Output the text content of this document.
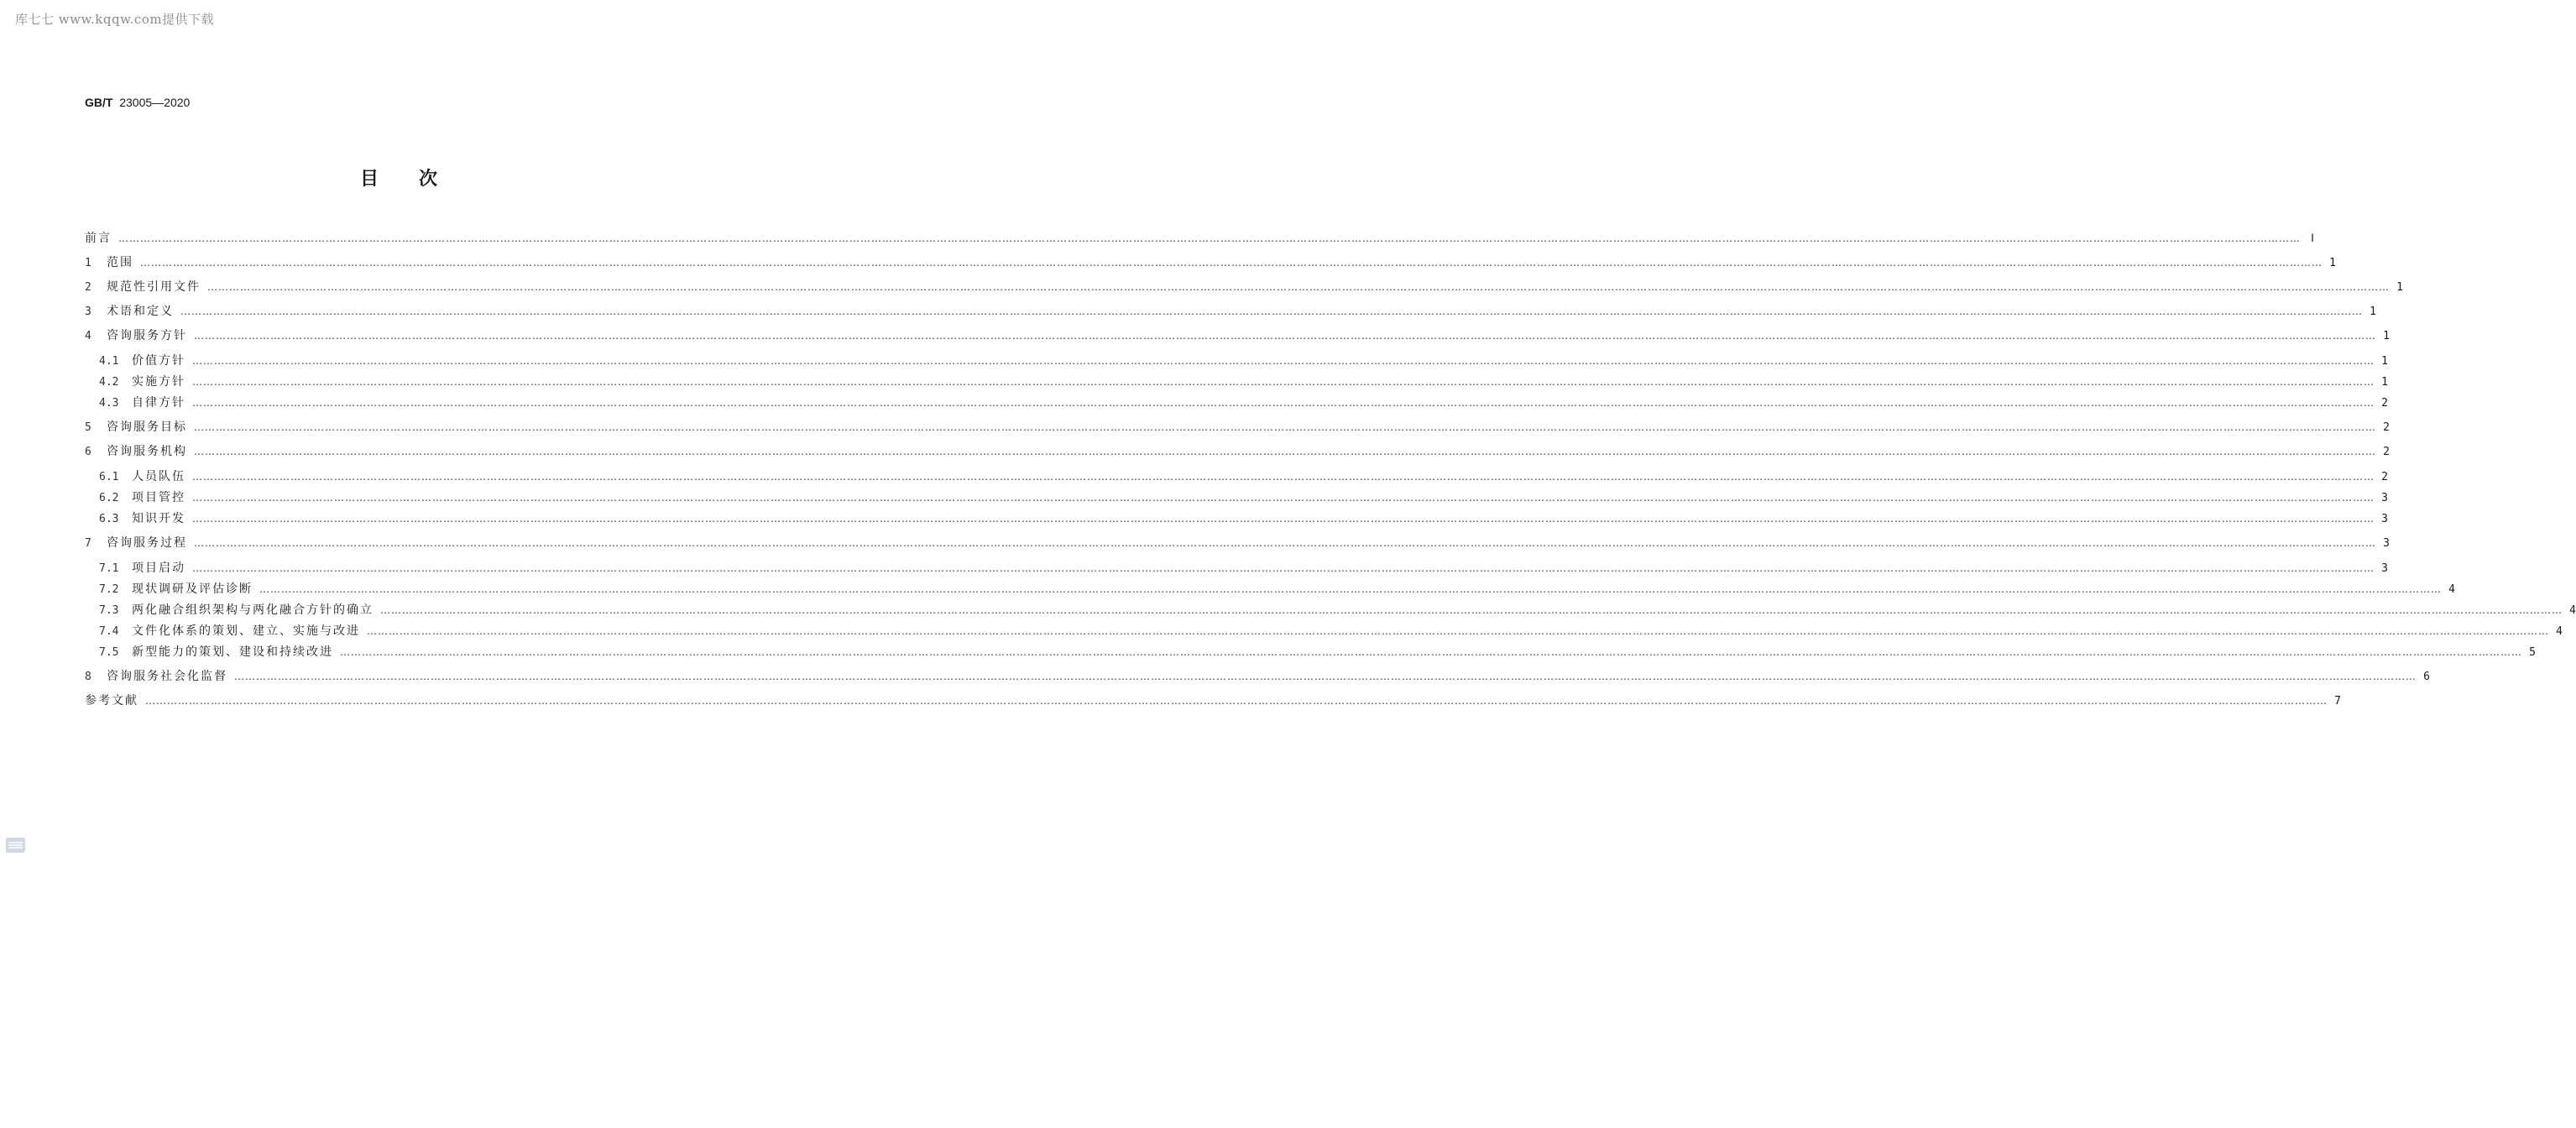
库七七 www.kqqw.com提供下载
GB/T 23005—2020
目次
前言 …………………………………………………………………………………………………………………………………………………………………………………………………………………………………………………………………………………………………………………………………………………………………………………………………………………………………………………………………………………………………………………………………………………… Ⅰ
1	范围 …………………………………………………………………………………………………………………………………………………………………………………………………………………………………………………………………………………………………………………………………………………………………………………………………………………………………………………………………………………………………………………………………………………… 1
2	规范性引用文件 …………………………………………………………………………………………………………………………………………………………………………………………………………………………………………………………………………………………………………………………………………………………………………………………………………………………………………………………………………………………………………………………………………………… 1
3	术语和定义 …………………………………………………………………………………………………………………………………………………………………………………………………………………………………………………………………………………………………………………………………………………………………………………………………………………………………………………………………………………………………………………………………………………… 1
4	咨询服务方针 …………………………………………………………………………………………………………………………………………………………………………………………………………………………………………………………………………………………………………………………………………………………………………………………………………………………………………………………………………………………………………………………………………………… 1
4.1	价值方针 …………………………………………………………………………………………………………………………………………………………………………………………………………………………………………………………………………………………………………………………………………………………………………………………………………………………………………………………………………………………………………………………………………………… 1
4.2	实施方针 …………………………………………………………………………………………………………………………………………………………………………………………………………………………………………………………………………………………………………………………………………………………………………………………………………………………………………………………………………………………………………………………………………………… 1
4.3	自律方针 …………………………………………………………………………………………………………………………………………………………………………………………………………………………………………………………………………………………………………………………………………………………………………………………………………………………………………………………………………………………………………………………………………………… 2
5	咨询服务目标 …………………………………………………………………………………………………………………………………………………………………………………………………………………………………………………………………………………………………………………………………………………………………………………………………………………………………………………………………………………………………………………………………………………… 2
6	咨询服务机构 …………………………………………………………………………………………………………………………………………………………………………………………………………………………………………………………………………………………………………………………………………………………………………………………………………………………………………………………………………………………………………………………………………………… 2
6.1	人员队伍 …………………………………………………………………………………………………………………………………………………………………………………………………………………………………………………………………………………………………………………………………………………………………………………………………………………………………………………………………………………………………………………………………………………… 2
6.2	项目管控 …………………………………………………………………………………………………………………………………………………………………………………………………………………………………………………………………………………………………………………………………………………………………………………………………………………………………………………………………………………………………………………………………………………… 3
6.3	知识开发 …………………………………………………………………………………………………………………………………………………………………………………………………………………………………………………………………………………………………………………………………………………………………………………………………………………………………………………………………………………………………………………………………………………… 3
7	咨询服务过程 …………………………………………………………………………………………………………………………………………………………………………………………………………………………………………………………………………………………………………………………………………………………………………………………………………………………………………………………………………………………………………………………………………………… 3
7.1	项目启动 …………………………………………………………………………………………………………………………………………………………………………………………………………………………………………………………………………………………………………………………………………………………………………………………………………………………………………………………………………………………………………………………………………………… 3
7.2	现状调研及评估诊断 …………………………………………………………………………………………………………………………………………………………………………………………………………………………………………………………………………………………………………………………………………………………………………………………………………………………………………………………………………………………………………………………………………………… 4
7.3	两化融合组织架构与两化融合方针的确立 …………………………………………………………………………………………………………………………………………………………………………………………………………………………………………………………………………………………………………………………………………………………………………………………………………………………………………………………………………………………………………………………………………………… 4
7.4	文件化体系的策划、建立、实施与改进 …………………………………………………………………………………………………………………………………………………………………………………………………………………………………………………………………………………………………………………………………………………………………………………………………………………………………………………………………………………………………………………………………………………… 4
7.5	新型能力的策划、建设和持续改进 …………………………………………………………………………………………………………………………………………………………………………………………………………………………………………………………………………………………………………………………………………………………………………………………………………………………………………………………………………………………………………………………………………………… 5
8	咨询服务社会化监督 …………………………………………………………………………………………………………………………………………………………………………………………………………………………………………………………………………………………………………………………………………………………………………………………………………………………………………………………………………………………………………………………………………………… 6
参考文献 …………………………………………………………………………………………………………………………………………………………………………………………………………………………………………………………………………………………………………………………………………………………………………………………………………………………………………………………………………………………………………………………………………………… 7
